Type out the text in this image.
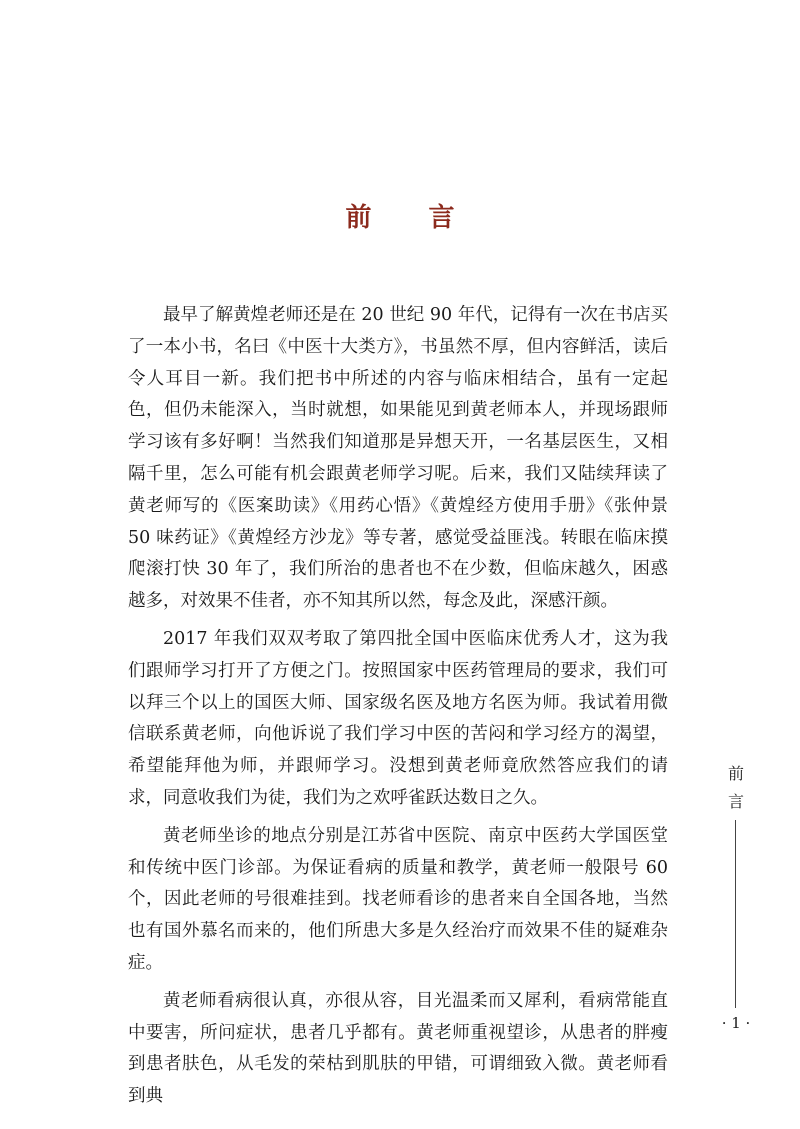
前 言

最早了解黄煌老师还是在 20 世纪 90 年代，记得有一次在书店买了一本小书，名曰《中医十大类方》，书虽然不厚，但内容鲜活，读后令人耳目一新。我们把书中所述的内容与临床相结合，虽有一定起色，但仍未能深入，当时就想，如果能见到黄老师本人，并现场跟师学习该有多好啊！当然我们知道那是异想天开，一名基层医生，又相隔千里，怎么可能有机会跟黄老师学习呢。后来，我们又陆续拜读了黄老师写的《医案助读》《用药心悟》《黄煌经方使用手册》《张仲景 50 味药证》《黄煌经方沙龙》等专著，感觉受益匪浅。转眼在临床摸爬滚打快 30 年了，我们所治的患者也不在少数，但临床越久，困惑越多，对效果不佳者，亦不知其所以然，每念及此，深感汗颜。

2017 年我们双双考取了第四批全国中医临床优秀人才，这为我们跟师学习打开了方便之门。按照国家中医药管理局的要求，我们可以拜三个以上的国医大师、国家级名医及地方名医为师。我试着用微信联系黄老师，向他诉说了我们学习中医的苦闷和学习经方的渴望，希望能拜他为师，并跟师学习。没想到黄老师竟欣然答应我们的请求，同意收我们为徒，我们为之欢呼雀跃达数日之久。

黄老师坐诊的地点分别是江苏省中医院、南京中医药大学国医堂和传统中医门诊部。为保证看病的质量和教学，黄老师一般限号 60 个，因此老师的号很难挂到。找老师看诊的患者来自全国各地，当然也有国外慕名而来的，他们所患大多是久经治疗而效果不佳的疑难杂症。

黄老师看病很认真，亦很从容，目光温柔而又犀利，看病常能直中要害，所问症状，患者几乎都有。黄老师重视望诊，从患者的胖瘦到患者肤色，从毛发的荣枯到肌肤的甲错，可谓细致入微。黄老师看到典

前
言
· 1 ·
